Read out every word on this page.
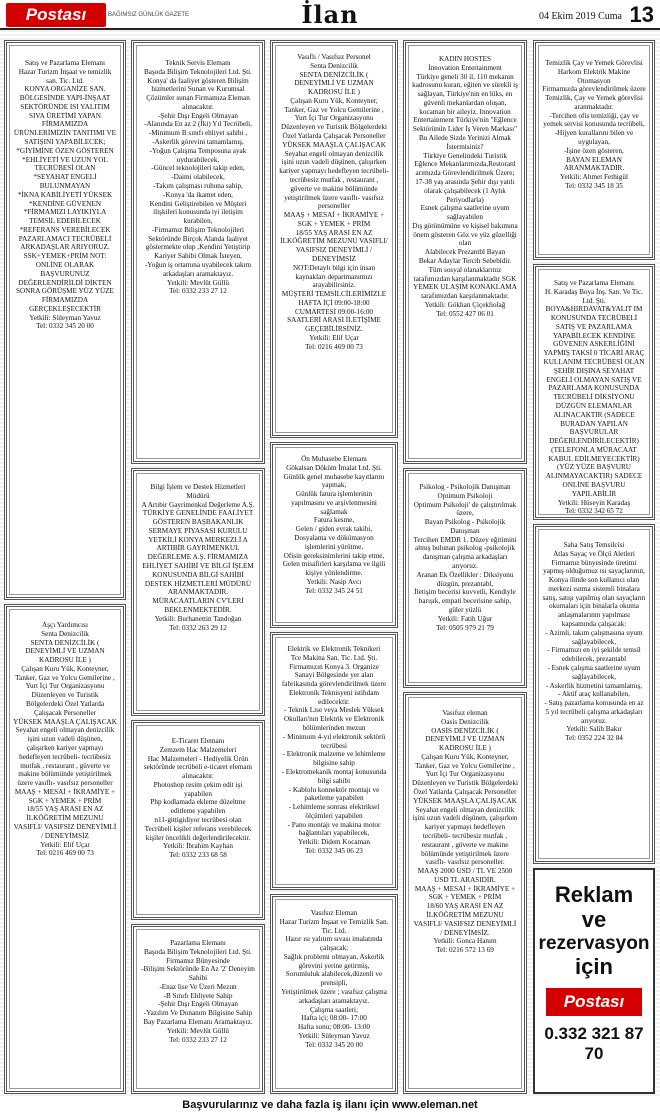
Postası	BAĞIMSIZ GÜNLÜK GAZETE	İlan	04 Ekim 2019 Cuma 13
Satış ve Pazarlama Elemanı
Hazar Turizm İnşaat ve temizlik san. Tic. Ltd.
KONYA ORGANİZE SAN. BÖLGESİNDE YAPI-İNŞAAT SEKTÖRÜNDE ISI YALITIM SIVA ÜRETİMİ YAPAN FİRMAMIZDA ÜRÜNLERİMİZİN TANITIMI VE SATIŞINI YAPABİLECEK;
*GİYİMİNE ÖZEN GÖSTEREN
*EHLİYETİ VE UZUN YOL TECRÜBESİ OLAN
*SEYAHAT ENGELİ BULUNMAYAN
*İKNA KABİLİYETİ YÜKSEK
*KENDİNE GÜVENEN
*FİRMAMIZI LAYIKIYLA TEMSİL EDEBİLECEK
*REFERANS VEREBİLECEK PAZARLAMACI TECRÜBELİ ARKADAŞLAR ARIYORUZ.
SSK+YEMEK+PRİM NOT: ONLİNE OLARAK BAŞVURUNUZ DEĞERLENDİRİLDİ DİKTEN SONRA GÖRÜŞME YÜZ YÜZE FİRMAMIZDA GERÇEKLEŞECEKTİR
Yetkili: Süleyman Yavuz
Tel: 0332 345 20 00
Aşçı Yardımcısı
Senta Denizcilik
SENTA DENİZCİLİK ( DENEYİMLİ VE UZMAN KADROSU İLE )
Çalışan Kuru Yük, Konteyner, Tanker, Gaz ve Yolcu Gemilerine , Yurt İçi Tur Organizasyonu Düzenleyen ve Turistik Bölgelerdeki Özel Yatlarda Çalışacak Personeller
YÜKSEK MAAŞLA ÇALIŞACAK
Seyahat engeli olmayan denizcilik işini uzun vadeli düşünen, çalışırken kariyer yapmayı hedefleyen tecrübeli- tecrübesiz mutfak , restaurant , güverte ve makine bölümünde yetiştirilmek üzere vasıflı- vasıfsız personeller
MAAŞ + MESAİ + İKRAMİYE + SGK + YEMEK + PRİM
18/55 YAŞ ARASI EN AZ İLKÖĞRETİM MEZUNU VASIFLI/ VASIFSIZ DENEYİMLİ / DENEYİMSİZ
Yetkili: Elif Uçar
Tel: 0216 469 00 73
Teknik Servis Elemanı
Başoda Bilişim Teknolojileri Ltd. Şti.
Konya' da faaliyet gösteren Bilişim hizmetlerini Sunan ve Kurumsal Çözümler sunan Firmamıza Eleman alınacaktır.
-Şehir Dışı Engeli Olmayan
-Alanında En az 2 (İki) Yıl Tecrübeli,
-Minimum B sınıfı ehliyet sahibi ,
-Askerlik görevini tamamlamış,
-Yoğun Çalışma Temposuna ayak uydurabilecek,
-Güncel teknolojileri takip eden,
-Daimi olabilecek,
-Takım çalışması ruhuna sahip,
-Konya 'da ikamet eden,
Kendini Geliştirebilen ve Müşteri ilişkileri konusunda iyi iletişim kurabilen,
-Firmamız Bilişim Teknolojileri Sektöründe Birçok Alanda faaliyet göstermekte olup ,Kendini Yetiştirip Kariyer Sahibi Olmak İsteyen,
-Yoğun iş ortamına uyabilecek takım arkadaşları aramaktayız.
Yetkili: Mevlüt Güllü
Tel: 0332 233 27 12
Bilgi İşlem ve Destek Hizmetleri Müdürü
A Artıbir Gayrimenkul Değerleme A.Ş.
TÜRKİYE GENELİNDE FAALİYET GÖSTEREN BAŞBAKANLIK SERMAYE PİYASASI KURULU YETKİLİ KONYA MERKEZLİ A ARTIBİR GAYRİMENKUL DEĞERLEME A.Ş. FİRMAMIZA EHLİYET SAHİBİ VE BİLGİ İŞLEM KONUSUNDA BİLGİ SAHİBİ DESTEK HİZMETLERİ MÜDÜRÜ ARANMAKTADIR. MÜRACAATLARIN CV'LERİ BEKLENMEKTEDİR.
Yetkili: Burhanettin Tandoğan
Tel: 0332 263 29 12
E-Ticaret Elemanı
Zemzem Hac Malzemeleri
Hac Malzemeleri - Hediyelik Ürün sektöründe tecrübeli e-ticaret elemanı alınacaktır.
Photoshop resim çekim edit işi yapabilen
Php kodlamada ekleme düzeltme editleme yapabilen
n11-gittigidiyor tecrübesi olan
Tecrübeli kişiler referans verebilecek kişiler öncelikli değerlendirilecektir.
Yetkili: İbrahim Kayhan
Tel: 0332 233 68 58
Pazarlama Elemanı
Başoda Bilişim Teknolojileri Ltd. Şti.
Firmamız Bünyesinde
-Bilişim Sektöründe En Az '2' Deneyim Sahibi
-Enaz lise Ve Üzeri Mezun
-B Sınıfı Ehliyete Sahip
-Şehir Dışı Engeli Olmayan
-Yazılım Ve Donanım Bilgisine Sahip Bay Pazarlama Elemanı Aramaktayız.
Yetkili: Mevlüt Güllü
Tel: 0332 233 27 12
Vasıflı / Vasıfsız Personel
Senta Denizcilik
SENTA DENİZCİLİK ( DENEYİMLİ VE UZMAN KADROSU İLE )
Çalışan Kuru Yük, Konteyner, Tanker, Gaz ve Yolcu Gemilerine , Yurt İçi Tur Organizasyonu Düzenleyen ve Turistik Bölgelerdeki Özel Yatlarda Çalışacak Personeller
YÜKSEK MAAŞLA ÇALIŞACAK
Seyahat engeli olmayan denizcilik işini uzun vadeli düşünen, çalışırken kariyer yapmayı hedefleyen tecrübeli- tecrübesiz mutfak , restaurant , güverte ve makine bölümünde yetiştirilmek üzere vasıflı- vasıfsız personeller
MAAŞ + MESAİ + İKRAMİYE + SGK + YEMEK + PRİM
18/55 YAŞ ARASI EN AZ İLKÖĞRETİM MEZUNU VASIFLI/ VASIFSIZ DENEYİMLİ / DENEYİMSİZ
NOT:Detaylı bilgi için insan kaynakları departmanımızı arayabilirsiniz.
MÜŞTERİ TEMSİLCİLERİMİZLE HAFTA İÇİ 09:00-18:00 CUMARTESİ 09:00-16:00 SAATLERİ ARASI İLETİŞİME GEÇEBİLİRSİNİZ.
Yetkili: Elif Uçar
Tel: 0216 469 00 73
Ön Muhasebe Elemanı
Gökalsan Döküm İmalat Ltd. Şti.
Günlük genel muhasebe kayıtlarını yapmak,
Günlük fatura işlemlerinin yapılmasını ve arşivlenmesini sağlamak
Fatura kesme,
Gelen / giden evrak takibi,
Dosyalama ve dökümasyon işlemlerini yürütme,
Ofisin gereksinimlerini takip etme,
Gelen misafirleri karşılama ve ilgili kişiye yönlendirme.
Yetkili: Nasip Avcı
Tel: 0332 345 24 51
Elektrik ve Elektronik Teknikeri
Tce Makina San. Tic. Ltd. Şti.
Firmamızın Konya 3. Organize Sanayi Bölgesinde yer alan fabrikasında görevlendirilmek üzere Elektronik Teknisyeni istihdam edilecektir.
- Teknik Lise veya Meslek Yüksek Okulları'nın Elektrik ve Elektronik bölümlerinden mezun
- Minimum 4-yıl elektronik sektörü tecrübesi
- Elektronik malzeme ve lehimleme bilgisine sahip
- Elektromekanik montaj konusunda bilgi sahibi
- Kablolu konnektör montajı ve paketleme yapabilen
- Lehimleme sonrası elektriksel ölçümleri yapabilen
- Pano montajı ve makina motor bağlantıları yapabilecek,
Yetkili: Didem Kocaman
Tel: 0332 345 06 23
Vasıfsız Eleman
Hazar Turizm İnşaat ve Temizlik San. Tic. Ltd.
Hazır ısı yalıtım sıvası imalatında çalışacak;
Sağlık problemi olmayan, Askerlik görevini yerine getirmiş,
Sorumluluk alabilecek,düzenli ve prensipli,
Yetiştirilmek üzere ; vasıfsız çalışma arkadaşları aramaktayız.
Çalışma saatleri;
Hafta içi; 08:00- 17:00
Hafta sonu; 08:00- 13:00
Yetkili: Süleyman Yavuz
Tel: 0332 345 20 00
KADIN HOSTES
İnnovation Entertainment
Türkiye geneli 30 il, 110 mekanın kadrosunu kuran, eğiten ve sürekli iş sağlayan, Türkiye'nin en lüks, en güvenli mekanlardan oluşan, kocaman bir aileyiz. Innovation Entertainment Türkiye'nin "Eğlence Sektörünün Lider İş Veren Markası"
Bu Ailede Sizde Yerinizi Almak İstermisiniz?
Türkiye Genelindeki Turistik Eğlence Mekanlarımızda,Restoranl arımızda Görevlendirilmek Üzere;
17-38 yaş arasında Şehir dışı yatılı olarak çalışabilecek (1 Aylık Periyodlarla)
Esnek çalışma saatlerine uyum sağlayabilen
Dış görünümüne ve kişisel bakımına önem gösteren Göz ve yüz güzelliği olan
Alabilecek Prezantbl Bayan
Bekar Adaylar Tercih Sebebidir.
Tüm sosyal olanaklarınız tarafımızdan karşılanmaktadır SGK YEMEK ULAŞIM KONAKLAMA tarafımızdan karşılanmaktadır.
Yetkili: Gökhan Çiçekliolağ
Tel: 0552 427 06 01
Psikolog - Psikolojik Danışman
Optimum Psikoloji
Optimum Psikoloji' de çalıştırılmak üzere,
Bayan Psikolog - Psikolojik Danışman
Tercihen EMDR 1. Düzey eğitimini almış bulunan psikolog -psikolojik danışman çalışma arkadaşları arıyoruz.
Aranan Ek Özellikler : Diksiyonu düzgün, prezantabl,
İletişim becerisi kuvvetli, Kendiyle barışık, empati becerisine sahip, güler yüzlü
Yetkili: Fatih Uğur
Tel: 0505 979 21 79
Vasıfsız eleman
Oasis Denizcilik
OASİS DENİZCİLİK ( DENEYİMLİ VE UZMAN KADROSU İLE )
Çalışan Kuru Yük, Konteyner, Tanker, Gaz ve Yolcu Gemilerine , Yurt İçi Tur Organizasyonu Düzenleyen ve Turistik Bölgelerdeki Özel Yatlarda Çalışacak Personeller
YÜKSEK MAAŞLA ÇALIŞACAK
Seyahat engeli olmayan denizcilik işini uzun vadeli düşünen, çalışırken kariyer yapmayı hedefleyen tecrübeli- tecrübesiz mutfak , restaurant , güverte ve makine bölümünde yetiştirilmek üzere vasıflı- vasıfsız personeller.
MAAŞ 2000 USD / TL VE 2500 USD TL ARASIDIR.
MAAŞ + MESAİ + İKRAMİYE + SGK + YEMEK + PRİM
18/60 YAŞ ARASI EN AZ İLKÖĞRETİM MEZUNU VASIFLI/ VASIFSIZ DENEYİMLİ / DENEYİMSİZ.
Yetkili: Gonca Hanım
Tel: 0216 572 13 69
Temizlik Çay ve Yemek Görevlisi
Harkom Elektrik Makine Otomasyon
Firmamızda görevlendirilmek üzere Temizlik, Çay ve Yemek görevlisi aranmaktadır.
-Tercihen ofis temizliği, çay ve yemek servisi konusunda tecrübeli,
-Hijyen kurallarını bilen ve uygulayan,
-İşine özen gösteren,
BAYAN ELEMAN ARANMAKTADIR.
Yetkili: Ahmet Fethigül
Tel: 0332 345 18 35
Satış ve Pazarlama Elemanı
H. Karadaş Boya İnş. San. Ve Tic. Ltd. Şti.
BOYA&HIRDAVAT&YALIT IM KONUSUNDA TECRÜBELİ SATIŞ VE PAZARLAMA YAPABİLECEK KENDİNE GÜVENEN ASKERLİĞİNİ YAPMIŞ TAKSİ 0 TİCARİ ARAÇ KULLANIM TECRÜBESİ OLAN ŞEHİR DIŞINA SEYAHAT ENGELİ OLMAYAN SATIŞ VE PAZARLAMA KONUSUNDA TECRÜBELİ DİKSİYONU DÜZGÜN ELEMANLAR ALINACAKTIR (SADECE BURADAN YAPILAN BAŞVURULAR DEĞERLENDİRİLECEKTİR) (TELEFONLA MÜRACAAT KABUL EDİLMEYECEKTİR) (YÜZ YÜZE BAŞVURU ALINMAYACAKTIR) SADECE ONLİNE BAŞVURU YAPILABİLİR
Yetkili: Hüseyin Karadaş
Tel: 0332 342 65 72
Saha Satış Temsilcisi
Atlas Sayaç ve Ölçü Aletleri
Firmamız bünyesinde üretimi yapmış olduğumuz ısı sayaçlarının, Konya ilinde son kullanıcı olan merkezi ısıtma sistemli binalara satış, satışı yapılmış olan sayaçların okumaları için binalarla okuma anlaşmalarının yapılması kapsamında çalışacak:
- Azimli, takım çalışmasına uyum sağlayabilecek,
- Firmamızı en iyi şekilde temsil edebilecek, prezantabl
- Esnek çalışma saatlerine uyum sağlayabilecek,
- Askerlik hizmetini tamamlamış,
- Aktif araç kullanabilen,
- Satış pazarlama konusunda en az 5 yıl tecrübeli çalışma arkadaşları arıyoruz.
Yetkili: Salih Bakır
Tel: 0352 224 32 84
Reklam
ve
rezervasyon
için
Postası
0.332 321 87 70
Başvurularınız ve daha fazla iş ilanı için www.eleman.net
